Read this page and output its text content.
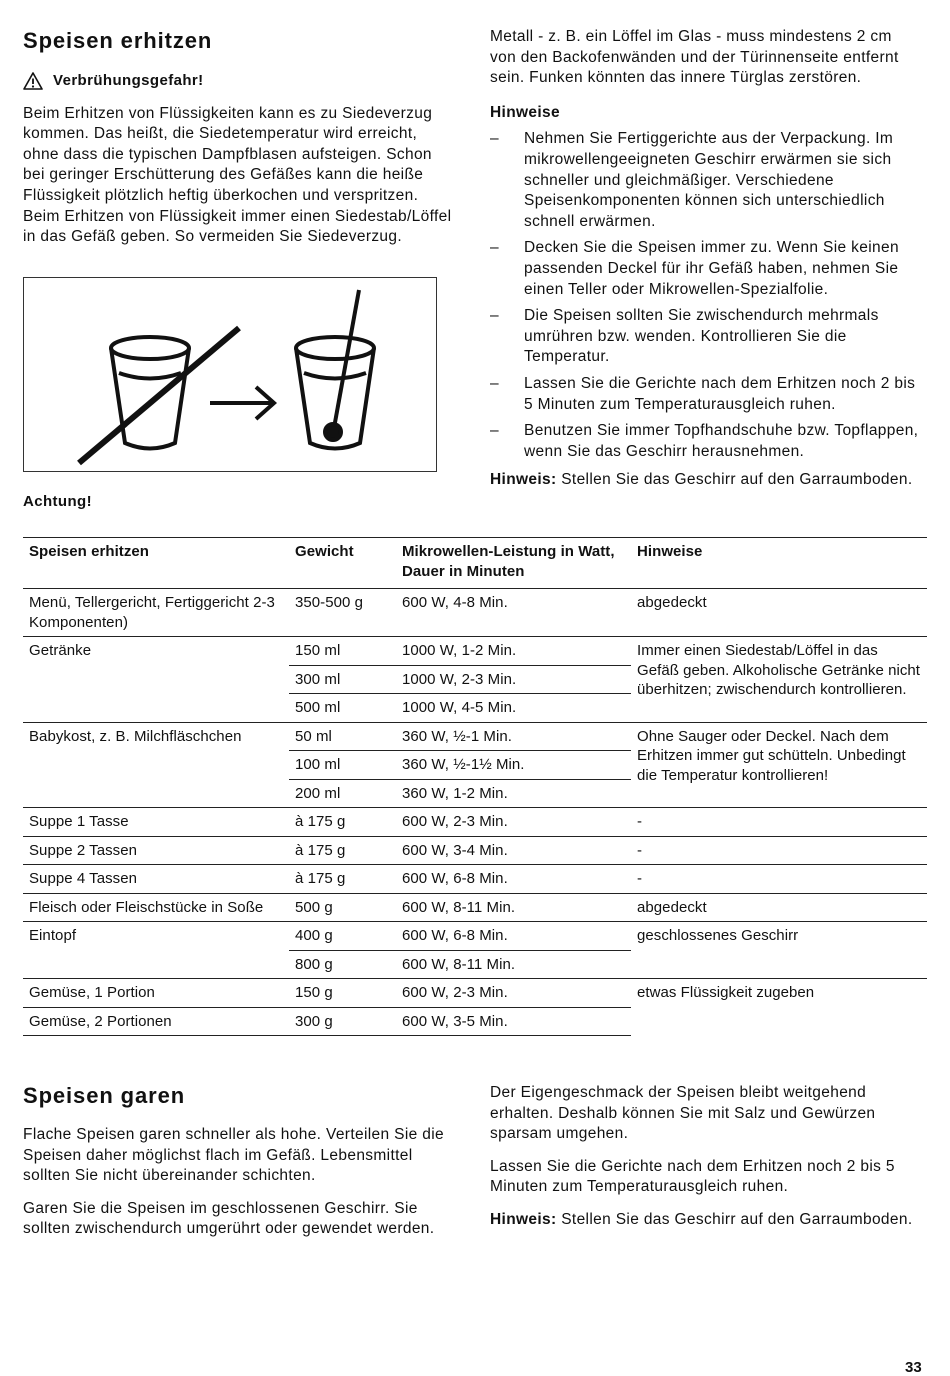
Speisen erhitzen
Verbrühungsgefahr!

Beim Erhitzen von Flüssigkeiten kann es zu Siedeverzug kommen. Das heißt, die Siedetemperatur wird erreicht, ohne dass die typischen Dampfblasen aufsteigen. Schon bei geringer Erschütterung des Gefäßes kann die heiße Flüssigkeit plötzlich heftig überkochen und verspritzen. Beim Erhitzen von Flüssigkeit immer einen Siedestab/Löffel in das Gefäß geben. So vermeiden Sie Siedeverzug.

Achtung!

Metall - z. B. ein Löffel im Glas - muss mindestens 2 cm von den Backofenwänden und der Türinnenseite entfernt sein. Funken könnten das innere Türglas zerstören.

Hinweise

– Nehmen Sie Fertiggerichte aus der Verpackung. Im mikrowellengeeigneten Geschirr erwärmen sie sich schneller und gleichmäßiger. Verschiedene Speisenkomponenten können sich unterschiedlich schnell erwärmen.
– Decken Sie die Speisen immer zu. Wenn Sie keinen passenden Deckel für ihr Gefäß haben, nehmen Sie einen Teller oder Mikrowellen-Spezialfolie.
– Die Speisen sollten Sie zwischendurch mehrmals umrühren bzw. wenden. Kontrollieren Sie die Temperatur.
– Lassen Sie die Gerichte nach dem Erhitzen noch 2 bis 5 Minuten zum Temperaturausgleich ruhen.
– Benutzen Sie immer Topfhandschuhe bzw. Topflappen, wenn Sie das Geschirr herausnehmen.

Hinweis: Stellen Sie das Geschirr auf den Garraumboden.

Speisen erhitzen	Gewicht	Mikrowellen-Leistung in Watt, Dauer in Minuten	Hinweise
Menü, Tellergericht, Fertiggericht 2-3 Komponenten)	350-500 g	600 W, 4-8 Min.	abgedeckt
Getränke	150 ml	1000 W, 1-2 Min.	Immer einen Siedestab/Löffel in das Gefäß geben. Alkoholische Getränke nicht überhitzen; zwischendurch kontrollieren.
	300 ml	1000 W, 2-3 Min.	
	500 ml	1000 W, 4-5 Min.	
Babykost, z. B. Milchfläschchen	50 ml	360 W, ½-1 Min.	Ohne Sauger oder Deckel. Nach dem Erhitzen immer gut schütteln. Unbedingt die Temperatur kontrollieren!
	100 ml	360 W, ½-1½ Min.	
	200 ml	360 W, 1-2 Min.	
Suppe 1 Tasse	à 175 g	600 W, 2-3 Min.	-
Suppe 2 Tassen	à 175 g	600 W, 3-4 Min.	-
Suppe 4 Tassen	à 175 g	600 W, 6-8 Min.	-
Fleisch oder Fleischstücke in Soße	500 g	600 W, 8-11 Min.	abgedeckt
Eintopf	400 g	600 W, 6-8 Min.	geschlossenes Geschirr
	800 g	600 W, 8-11 Min.	
Gemüse, 1 Portion	150 g	600 W, 2-3 Min.	etwas Flüssigkeit zugeben
Gemüse, 2 Portionen	300 g	600 W, 3-5 Min.	
Speisen garen

Flache Speisen garen schneller als hohe. Verteilen Sie die Speisen daher möglichst flach im Gefäß. Lebensmittel sollten Sie nicht übereinander schichten.

Garen Sie die Speisen im geschlossenen Geschirr. Sie sollten zwischendurch umgerührt oder gewendet werden.

Der Eigengeschmack der Speisen bleibt weitgehend erhalten. Deshalb können Sie mit Salz und Gewürzen sparsam umgehen.

Lassen Sie die Gerichte nach dem Erhitzen noch 2 bis 5 Minuten zum Temperaturausgleich ruhen.

Hinweis: Stellen Sie das Geschirr auf den Garraumboden.

33
